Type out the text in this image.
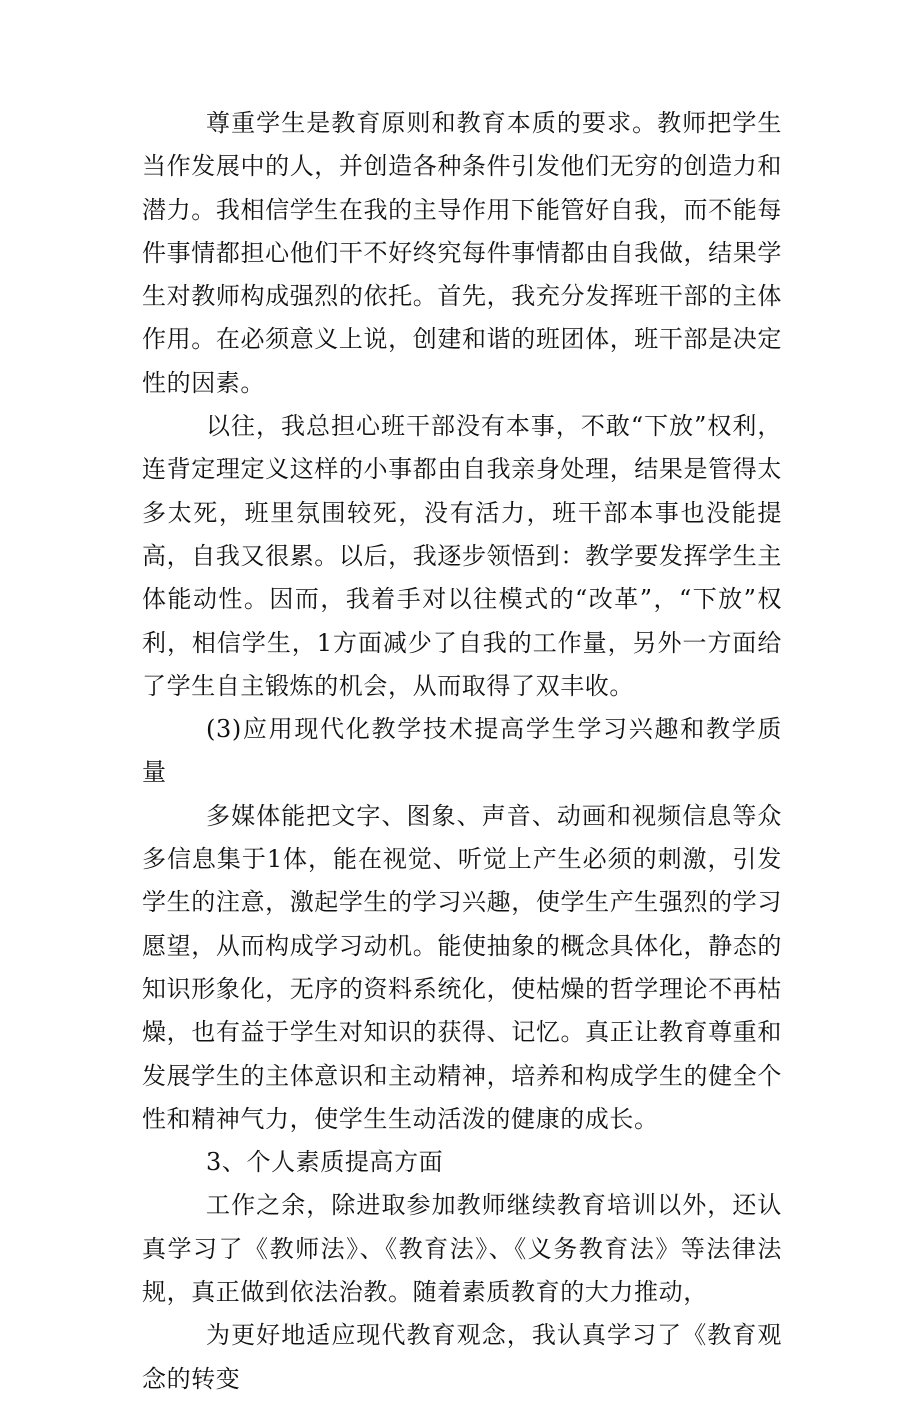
尊重学生是教育原则和教育本质的要求。教师把学生当作发展中的人，并创造各种条件引发他们无穷的创造力和潜力。我相信学生在我的主导作用下能管好自我，而不能每件事情都担心他们干不好终究每件事情都由自我做，结果学生对教师构成强烈的依托。首先，我充分发挥班干部的主体作用。在必须意义上说，创建和谐的班团体，班干部是决定性的因素。

以往，我总担心班干部没有本事，不敢“下放”权利，连背定理定义这样的小事都由自我亲身处理，结果是管得太多太死，班里氛围较死，没有活力，班干部本事也没能提高，自我又很累。以后，我逐步领悟到：教学要发挥学生主体能动性。因而，我着手对以往模式的“改革”，“下放”权利，相信学生，1方面减少了自我的工作量，另外一方面给了学生自主锻炼的机会，从而取得了双丰收。

(3)应用现代化教学技术提高学生学习兴趣和教学质量

多媒体能把文字、图象、声音、动画和视频信息等众多信息集于1体，能在视觉、听觉上产生必须的刺激，引发学生的注意，激起学生的学习兴趣，使学生产生强烈的学习愿望，从而构成学习动机。能使抽象的概念具体化，静态的知识形象化，无序的资料系统化，使枯燥的哲学理论不再枯燥，也有益于学生对知识的获得、记忆。真正让教育尊重和发展学生的主体意识和主动精神，培养和构成学生的健全个性和精神气力，使学生生动活泼的健康的成长。

3、个人素质提高方面

工作之余，除进取参加教师继续教育培训以外，还认真学习了《教师法》、《教育法》、《义务教育法》等法律法规，真正做到依法治教。随着素质教育的大力推动，

为更好地适应现代教育观念，我认真学习了《教育观念的转变
